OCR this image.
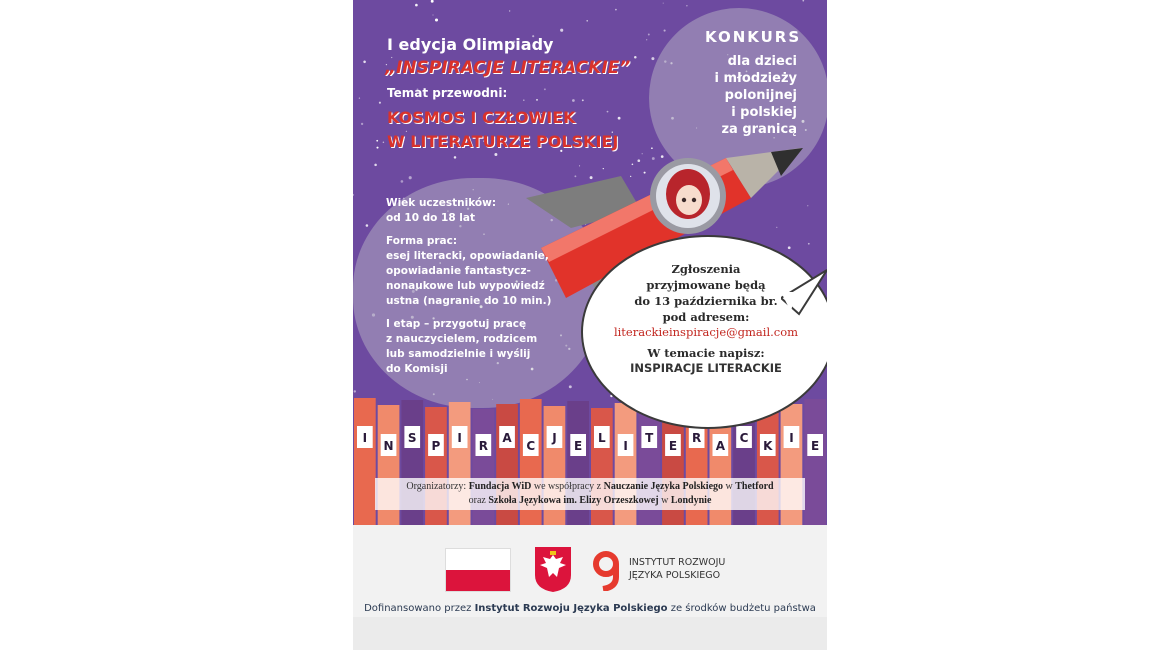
I edycja Olimpiady

„INSPIRACJE LITERACKIE”

Temat przewodni:

KOSMOS I CZŁOWIEK

W LITERATURZE POLSKIEJ

KONKURS

dla dzieci

i młodzieży

polonijnej

i polskiej

za granicą

Wiek uczestników:

od 10 do 18 lat

Forma prac:

esej literacki, opowiadanie,

opowiadanie fantastycz-

nonaukowe lub wypowiedź

ustna (nagranie do 10 min.)

I etap – przygotuj pracę

z nauczycielem, rodzicem

lub samodzielnie i wyślij

do Komisji

I
N
S
P
I
R
A
C
J
E
L
I
T
E
R
A
C
K
I
E

Zgłoszenia

przyjmowane będą

do 13 października br.

pod adresem:

literackieinspiracje@gmail.com

W temacie napisz:

INSPIRACJE LITERACKIE

Organizatorzy: Fundacja WiD we współpracy z Nauczanie Języka Polskiego w Thetford
oraz Szkoła Językowa im. Elizy Orzeszkowej w Londynie

INSTYTUT ROZWOJU
JĘZYKA POLSKIEGO

Dofinansowano przez Instytut Rozwoju Języka Polskiego ze środków budżetu państwa
